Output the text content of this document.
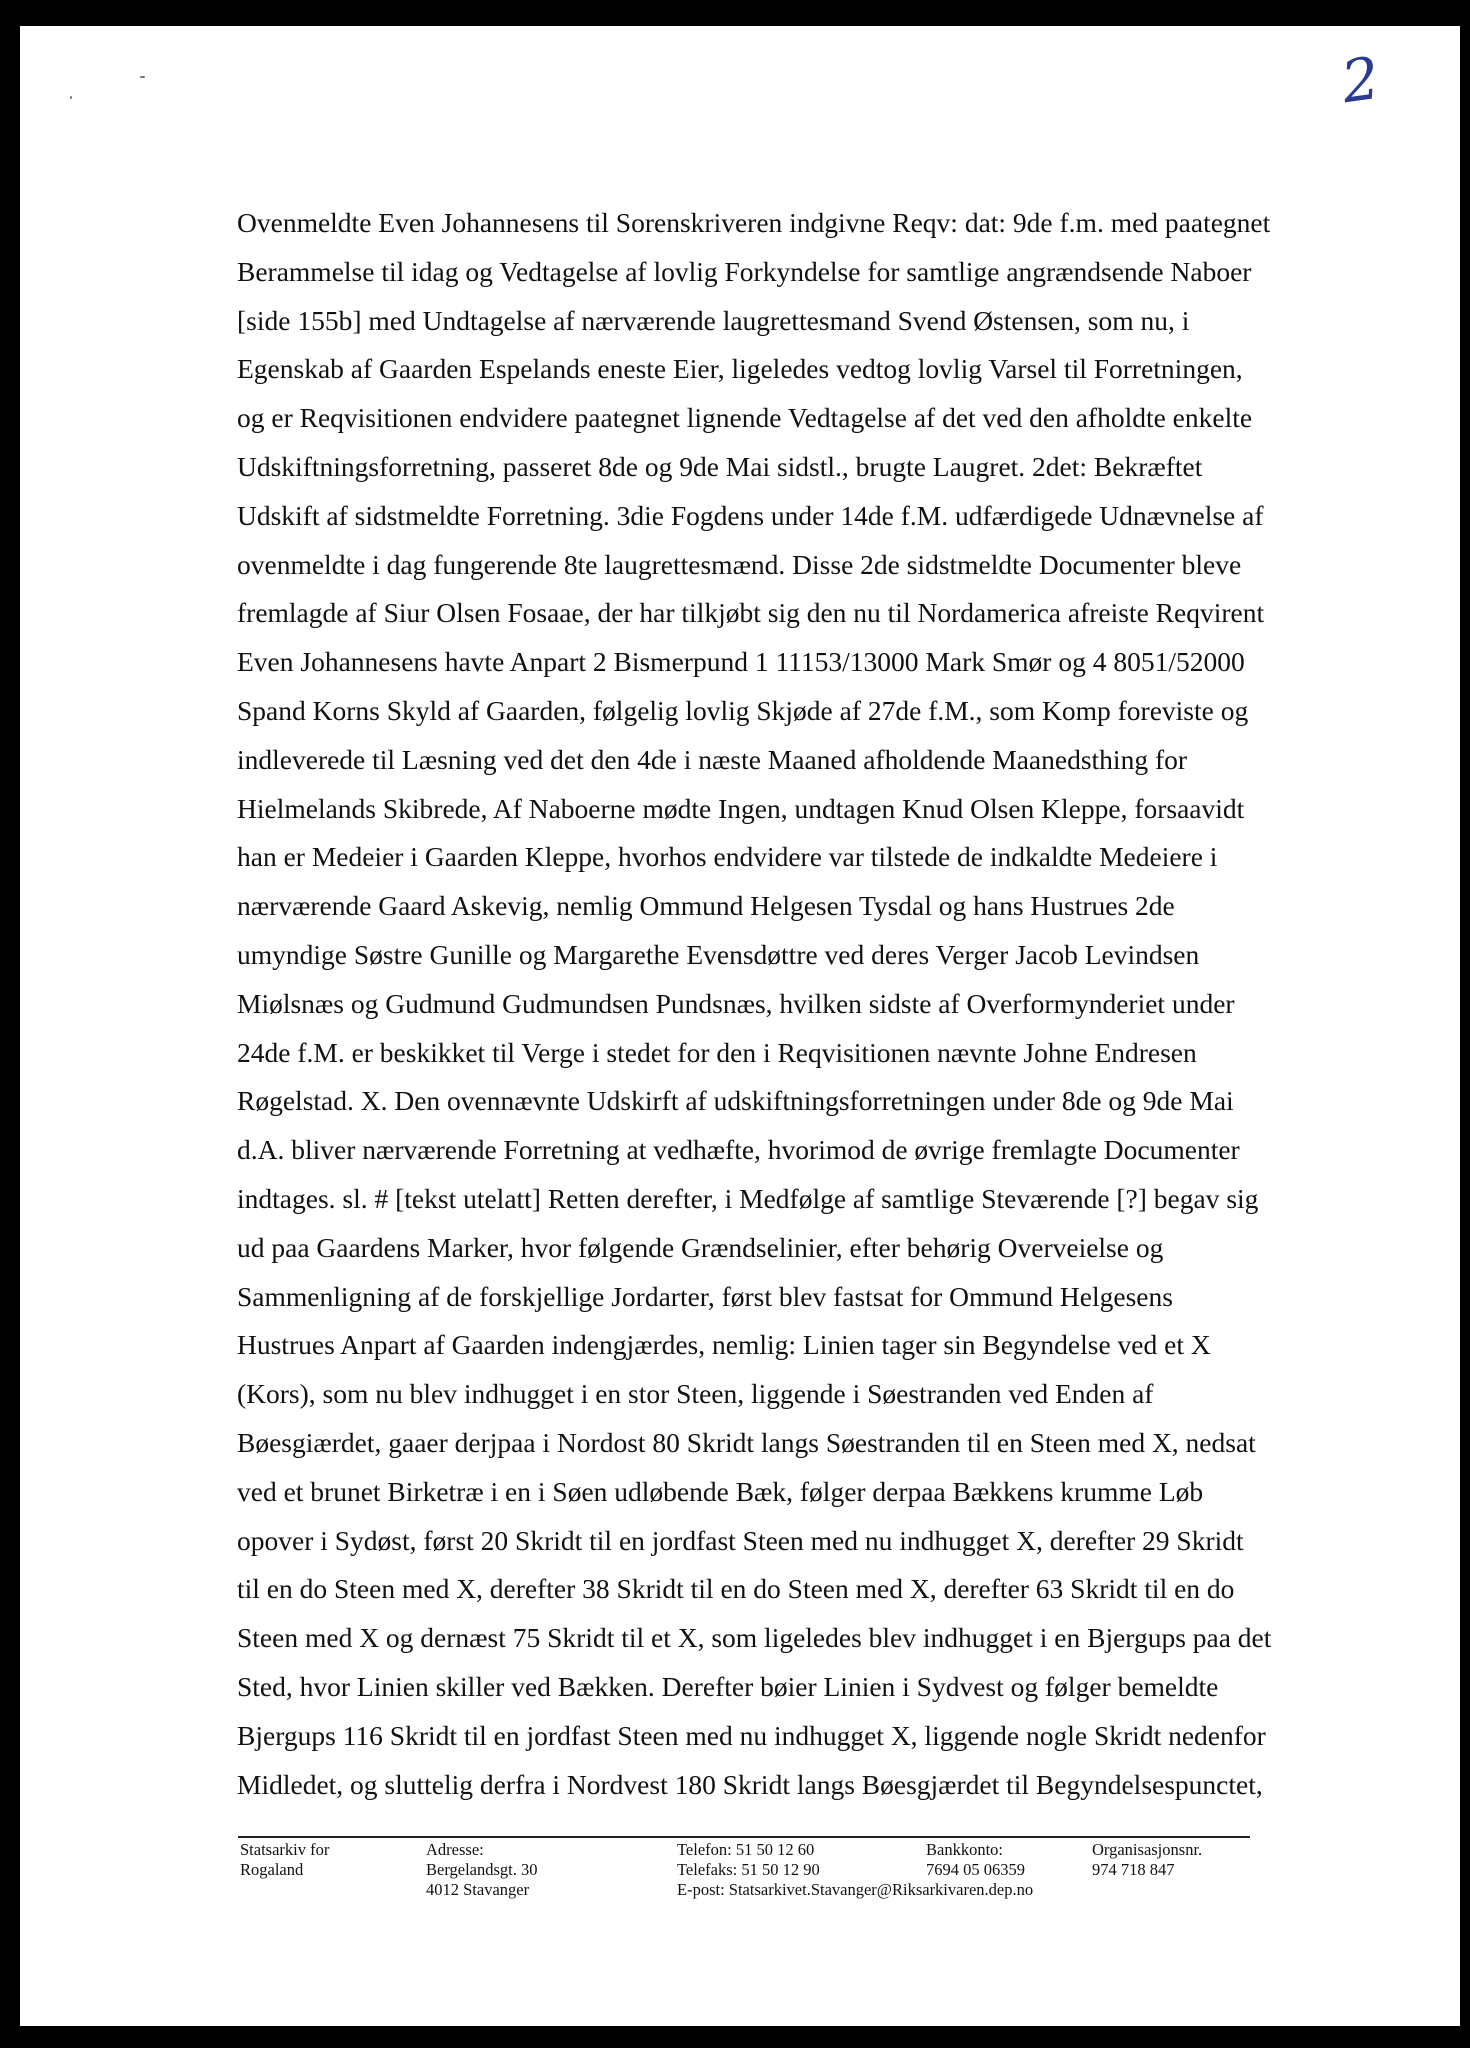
2
Ovenmeldte Even Johannesens til Sorenskriveren indgivne Reqv: dat: 9de f.m. med paategnet
Berammelse til idag og Vedtagelse af lovlig Forkyndelse for samtlige angrændsende Naboer
[side 155b] med Undtagelse af nærværende laugrettesmand Svend Østensen, som nu, i
Egenskab af Gaarden Espelands eneste Eier, ligeledes vedtog lovlig Varsel til Forretningen,
og er Reqvisitionen endvidere paategnet lignende Vedtagelse af det ved den afholdte enkelte
Udskiftningsforretning, passeret 8de og 9de Mai sidstl., brugte Laugret. 2det: Bekræftet
Udskift af sidstmeldte Forretning. 3die Fogdens under 14de f.M. udfærdigede Udnævnelse af
ovenmeldte i dag fungerende 8te laugrettesmænd. Disse 2de sidstmeldte Documenter bleve
fremlagde af Siur Olsen Fosaae, der har tilkjøbt sig den nu til Nordamerica afreiste Reqvirent
Even Johannesens havte Anpart 2 Bismerpund 1 11153/13000 Mark Smør og 4 8051/52000
Spand Korns Skyld af Gaarden, følgelig lovlig Skjøde af 27de f.M., som Komp foreviste og
indleverede til Læsning ved det den 4de i næste Maaned afholdende Maanedsthing for
Hielmelands Skibrede, Af Naboerne mødte Ingen, undtagen Knud Olsen Kleppe, forsaavidt
han er Medeier i Gaarden Kleppe, hvorhos endvidere var tilstede de indkaldte Medeiere i
nærværende Gaard Askevig, nemlig Ommund Helgesen Tysdal og hans Hustrues 2de
umyndige Søstre Gunille og Margarethe Evensdøttre ved deres Verger Jacob Levindsen
Miølsnæs og Gudmund Gudmundsen Pundsnæs, hvilken sidste af Overformynderiet under
24de f.M. er beskikket til Verge i stedet for den i Reqvisitionen nævnte Johne Endresen
Røgelstad. X. Den ovennævnte Udskirft af udskiftningsforretningen under 8de og 9de Mai
d.A. bliver nærværende Forretning at vedhæfte, hvorimod de øvrige fremlagte Documenter
indtages. sl. # [tekst utelatt] Retten derefter, i Medfølge af samtlige Steværende [?] begav sig
ud paa Gaardens Marker, hvor følgende Grændselinier, efter behørig Overveielse og
Sammenligning af de forskjellige Jordarter, først blev fastsat for Ommund Helgesens
Hustrues Anpart af Gaarden indengjærdes, nemlig: Linien tager sin Begyndelse ved et X
(Kors), som nu blev indhugget i en stor Steen, liggende i Søestranden ved Enden af
Bøesgiærdet, gaaer derjpaa i Nordost 80 Skridt langs Søestranden til en Steen med X, nedsat
ved et brunet Birketræ i en i Søen udløbende Bæk, følger derpaa Bækkens krumme Løb
opover i Sydøst, først 20 Skridt til en jordfast Steen med nu indhugget X, derefter 29 Skridt
til en do Steen med X, derefter 38 Skridt til en do Steen med X, derefter 63 Skridt til en do
Steen med X og dernæst 75 Skridt til et X, som ligeledes blev indhugget i en Bjergups paa det
Sted, hvor Linien skiller ved Bækken. Derefter bøier Linien i Sydvest og følger bemeldte
Bjergups 116 Skridt til en jordfast Steen med nu indhugget X, liggende nogle Skridt nedenfor
Midledet, og sluttelig derfra i Nordvest 180 Skridt langs Bøesgjærdet til Begyndelsespunctet,
Statsarkiv for
Rogaland
Adresse:
Bergelandsgt. 30
4012 Stavanger
Telefon: 51 50 12 60
Telefaks: 51 50 12 90
E-post: Statsarkivet.Stavanger@Riksarkivaren.dep.no
Bankkonto:
7694 05 06359
Organisasjonsnr.
974 718 847
